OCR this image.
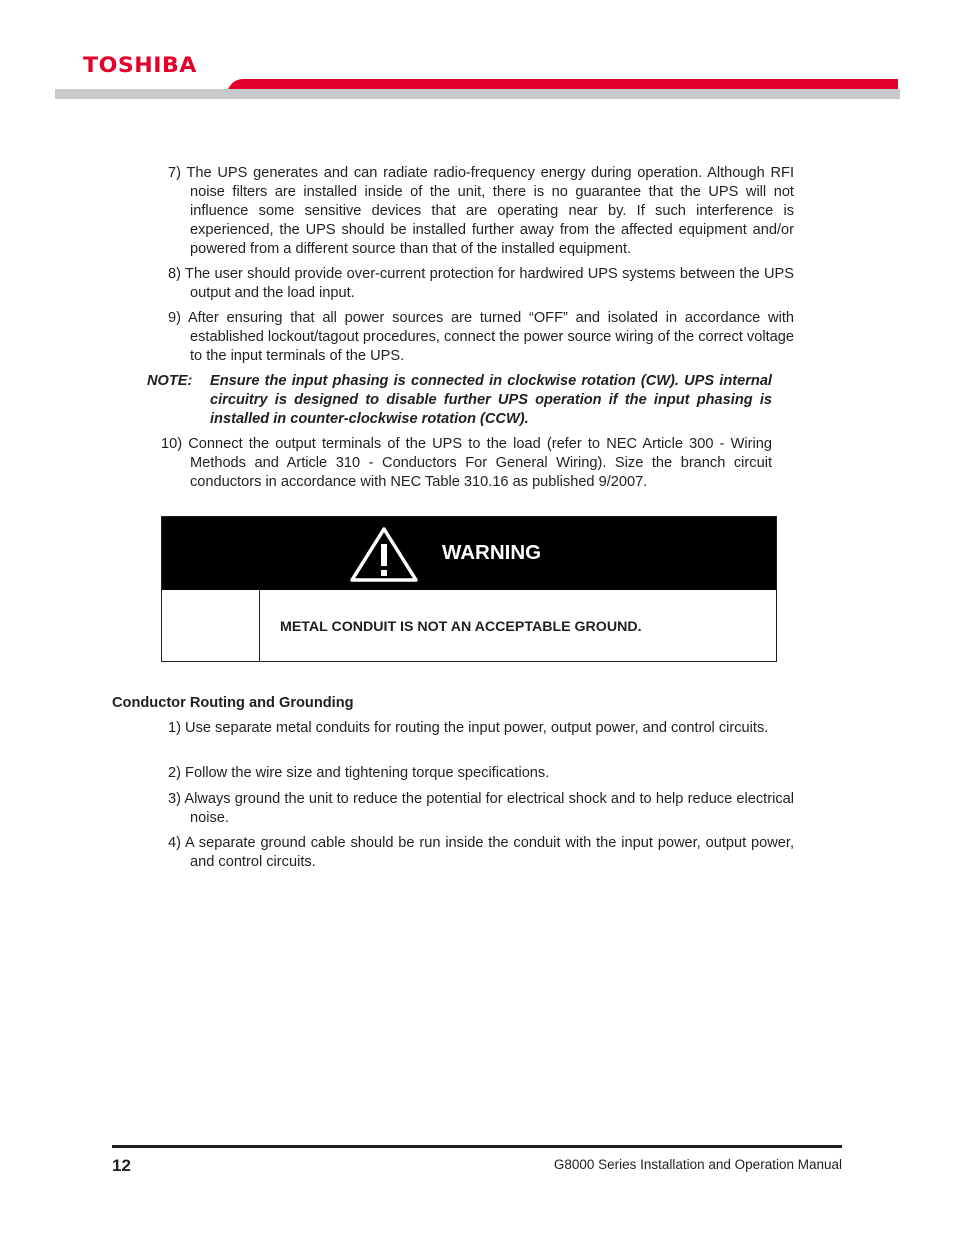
TOSHIBA

7) The UPS generates and can radiate radio-frequency energy during operation. Although RFI noise filters are installed inside of the unit, there is no guarantee that the UPS will not influence some sensitive devices that are operating near by. If such interference is experienced, the UPS should be installed further away from the affected equipment and/or powered from a different source than that of the installed equipment.

8) The user should provide over-current protection for hardwired UPS systems between the UPS output and the load input.

9) After ensuring that all power sources are turned “OFF” and isolated in accordance with established lockout/tagout procedures, connect the power source wiring of the correct voltage to the input terminals of the UPS.

NOTE: Ensure the input phasing is connected in clockwise rotation (CW). UPS internal circuitry is designed to disable further UPS operation if the input phasing is installed in counter-clockwise rotation (CCW).

10) Connect the output terminals of the UPS to the load (refer to NEC Article 300 - Wiring Methods and Article 310 - Conductors For General Wiring). Size the branch circuit conductors in accordance with NEC Table 310.16 as published 9/2007.

WARNING
METAL CONDUIT IS NOT AN ACCEPTABLE GROUND.
Conductor Routing and Grounding

1) Use separate metal conduits for routing the input power, output power, and control circuits.

2) Follow the wire size and tightening torque specifications.

3) Always ground the unit to reduce the potential for electrical shock and to help reduce electrical noise.

4) A separate ground cable should be run inside the conduit with the input power, output power, and control circuits.

12	G8000 Series Installation and Operation Manual
